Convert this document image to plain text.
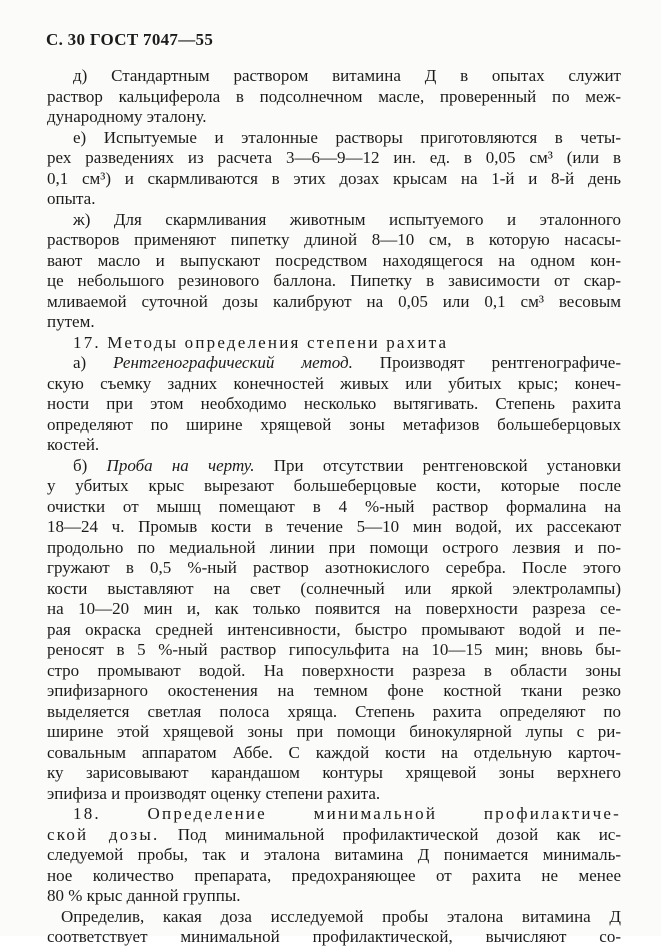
С. 30 ГОСТ 7047—55
д) Стандартным раствором витамина Д в опытах служит
раствор кальциферола в подсолнечном масле, проверенный по меж-
дународному эталону.
е) Испытуемые и эталонные растворы приготовляются в четы-
рех разведениях из расчета 3—6—9—12 ин. ед. в 0,05 см³ (или в
0,1 см³) и скармливаются в этих дозах крысам на 1-й и 8-й день
опыта.
ж) Для скармливания животным испытуемого и эталонного
растворов применяют пипетку длиной 8—10 см, в которую насасы-
вают масло и выпускают посредством находящегося на одном кон-
це небольшого резинового баллона. Пипетку в зависимости от скар-
мливаемой суточной дозы калибруют на 0,05 или 0,1 см³ весовым
путем.
17. Методы определения степени рахита
а) Рентгенографический метод. Производят рентгенографиче-
скую съемку задних конечностей живых или убитых крыс; конеч-
ности при этом необходимо несколько вытягивать. Степень рахита
определяют по ширине хрящевой зоны метафизов большеберцовых
костей.
б) Проба на черту. При отсутствии рентгеновской установки
у убитых крыс вырезают большеберцовые кости, которые после
очистки от мышц помещают в 4 %-ный раствор формалина на
18—24 ч. Промыв кости в течение 5—10 мин водой, их рассекают
продольно по медиальной линии при помощи острого лезвия и по-
гружают в 0,5 %-ный раствор азотнокислого серебра. После этого
кости выставляют на свет (солнечный или яркой электролампы)
на 10—20 мин и, как только появится на поверхности разреза се-
рая окраска средней интенсивности, быстро промывают водой и пе-
реносят в 5 %-ный раствор гипосульфита на 10—15 мин; вновь бы-
стро промывают водой. На поверхности разреза в области зоны
эпифизарного окостенения на темном фоне костной ткани резко
выделяется светлая полоса хряща. Степень рахита определяют по
ширине этой хрящевой зоны при помощи бинокулярной лупы с ри-
совальным аппаратом Аббе. С каждой кости на отдельную карточ-
ку зарисовывают карандашом контуры хрящевой зоны верхнего
эпифиза и производят оценку степени рахита.
18. Определение минимальной профилактиче-
ской дозы. Под минимальной профилактической дозой как ис-
следуемой пробы, так и эталона витамина Д понимается минималь-
ное количество препарата, предохраняющее от рахита не менее
80 % крыс данной группы.
Определив, какая доза исследуемой пробы эталона витамина Д
соответствует минимальной профилактической, вычисляют со-
